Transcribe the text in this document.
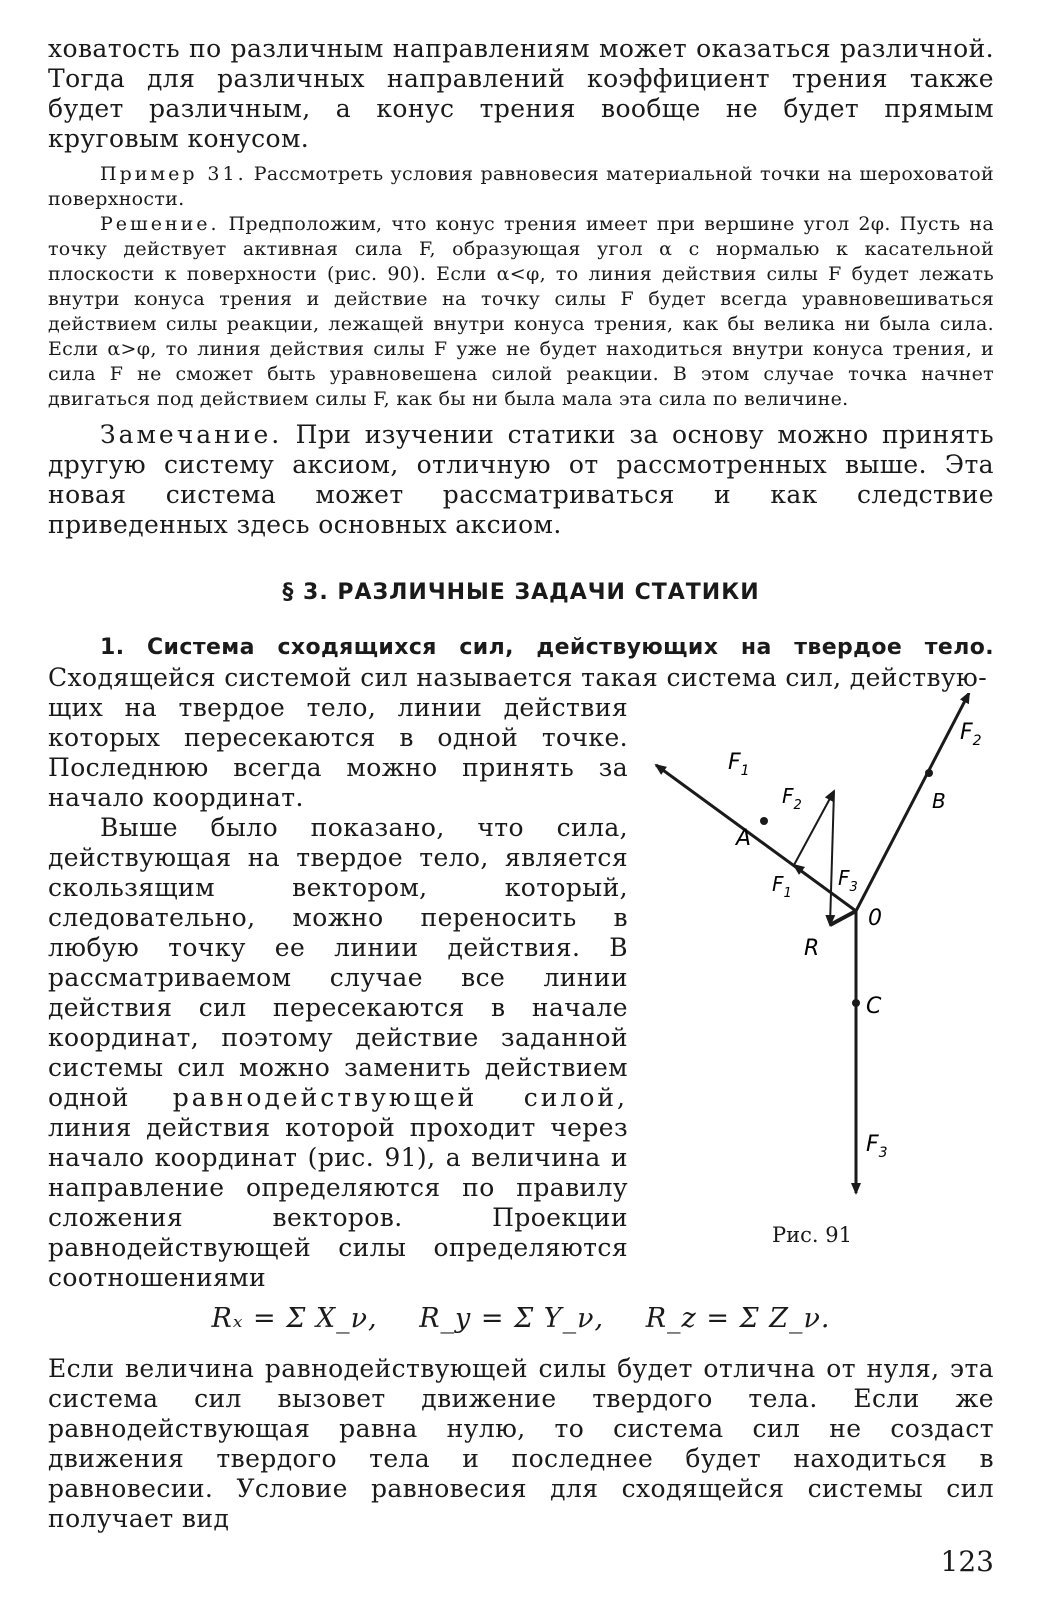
ховатость по различным направлениям может оказаться различной. Тогда для различных направлений коэффициент трения также будет различным, а конус трения вообще не будет прямым круговым конусом.

Пример 31. Рассмотреть условия равновесия материальной точки на шероховатой поверхности.

Решение. Предположим, что конус трения имеет при вершине угол 2φ. Пусть на точку действует активная сила F, образующая угол α с нормалью к касательной плоскости к поверхности (рис. 90). Если α<φ, то линия действия силы F будет лежать внутри конуса трения и действие на точку силы F будет всегда уравновешиваться действием силы реакции, лежащей внутри конуса трения, как бы велика ни была сила. Если α>φ, то линия действия силы F уже не будет находиться внутри конуса трения, и сила F не сможет быть уравновешена силой реакции. В этом случае точка начнет двигаться под действием силы F, как бы ни была мала эта сила по величине.

Замечание. При изучении статики за основу можно принять другую систему аксиом, отличную от рассмотренных выше. Эта новая система может рассматриваться и как следствие приведенных здесь основных аксиом.

§ 3. РАЗЛИЧНЫЕ ЗАДАЧИ СТАТИКИ

1. Система сходящихся сил, действующих на твердое тело. Сходящейся системой сил называется такая система сил, действую-

щих на твердое тело, линии действия которых пересекаются в одной точке. Последнюю всегда можно принять за начало координат.

Выше было показано, что сила, действующая на твердое тело, является скользящим вектором, который, следовательно, можно переносить в любую точку ее линии действия. В рассматриваемом случае все линии действия сил пересекаются в начале координат, поэтому действие заданной системы сил можно заменить действием одной равнодействующей силой, линия действия которой проходит через начало координат (рис. 91), а величина и направление определяются по правилу сложения векторов. Проекции равнодействующей силы определяются соотношениями

$F_1$
$F_2$
$F_2$
$F_1$
$F_3$
$F_3$
A
B
C
0
R
Рис. 91
Rₓ = Σ X_ν, R_y = Σ Y_ν, R_z = Σ Z_ν.

Если величина равнодействующей силы будет отлична от нуля, эта система сил вызовет движение твердого тела. Если же равнодействующая равна нулю, то система сил не создаст движения твердого тела и последнее будет находиться в равновесии. Условие равновесия для сходящейся системы сил получает вид

123
